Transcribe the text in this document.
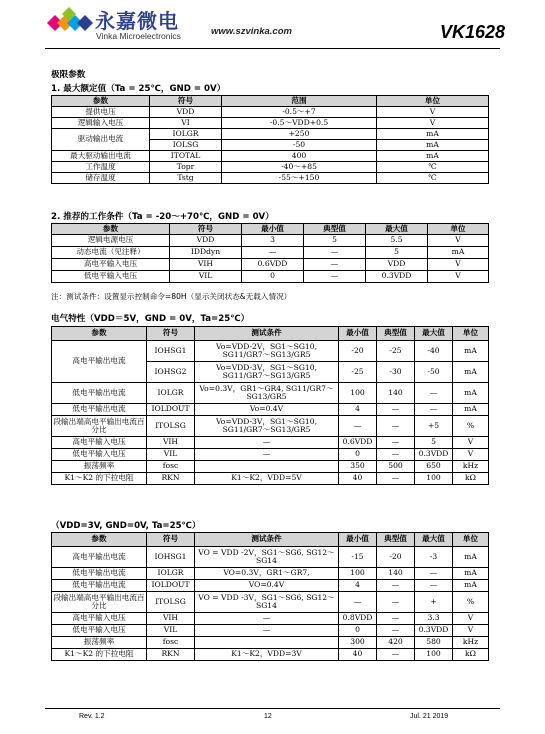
永嘉微电
Vinka Microelectronics	www.szvinka.com	VK1628
极限参数
1. 最大额定值（Ta = 25℃，GND = 0V）
参数	符号	范围	单位
提供电压	VDD	-0.5～+7	V
逻辑输入电压	VI	-0.5～VDD+0.5	V
驱动输出电流	IOLGR	+250	mA
	IOLSG	-50	mA
最大驱动输出电流	ITOTAL	400	mA
工作温度	Topr	-40～+85	℃
储存温度	Tstg	-55～+150	℃
2. 推荐的工作条件（Ta = -20～+70℃，GND = 0V）
参数	符号	最小值	典型值	最大值	单位
逻辑电源电压	VDD	3	5	5.5	V
动态电流（见注释）	IDDdyn	—	—	5	mA
高电平输入电压	VIH	0.6VDD	—	VDD	V
低电平输入电压	VIL	0	—	0.3VDD	V
注：测试条件：设置显示控制命令=80H（显示关闭状态&无载入情况）
电气特性（VDD＝5V，GND = 0V，Ta=25℃）
参数	符号	测试条件	最小值	典型值	最大值	单位
高电平输出电流	IOHSG1	Vo=VDD-2V，SG1～SG10, SG11/GR7～SG13/GR5	-20	-25	-40	mA
	IOHSG2	Vo=VDD-3V，SG1～SG10, SG11/GR7～SG13/GR5	-25	-30	-50	mA
低电平输出电流	IOLGR	Vo=0.3V，GR1～GR4, SG11/GR7～SG13/GR5	100	140	—	mA
低电平输出电流	IOLDOUT	Vo=0.4V	4	—	—	mA
段输出端高电平输出电流百分比	ITOLSG	Vo=VDD-3V，SG1～SG10, SG11/GR7～SG13/GR5	—	—	+5	%
高电平输入电压	VIH	—	0.6VDD	—	5	V
低电平输入电压	VIL	—	0	—	0.3VDD	V
振荡频率	fosc		350	500	650	kHz
K1～K2 的下拉电阻	RKN	K1～K2，VDD=5V	40	—	100	kΩ
（VDD=3V, GND=0V, Ta=25℃）
参数	符号	测试条件	最小值	典型值	最大值	单位
高电平输出电流	IOHSG1	VO = VDD -2V，SG1～SG6, SG12～SG14	-15	-20	-3	mA
低电平输出电流	IOLGR	VO=0.3V，GR1～GR7,	100	140	—	mA
低电平输出电流	IOLDOUT	VO=0.4V	4	—	—	mA
段输出端高电平输出电流百分比	ITOLSG	VO = VDD -3V，SG1～SG6, SG12～SG14	—	—	+	%
高电平输入电压	VIH	—	0.8VDD	—	3.3	V
低电平输入电压	VIL	—	0	—	0.3VDD	V
振荡频率	fosc		300	420	580	kHz
K1～K2 的下拉电阻	RKN	K1～K2，VDD=3V	40	—	100	kΩ
Rev. 1.2	12	Jul. 21 2019
